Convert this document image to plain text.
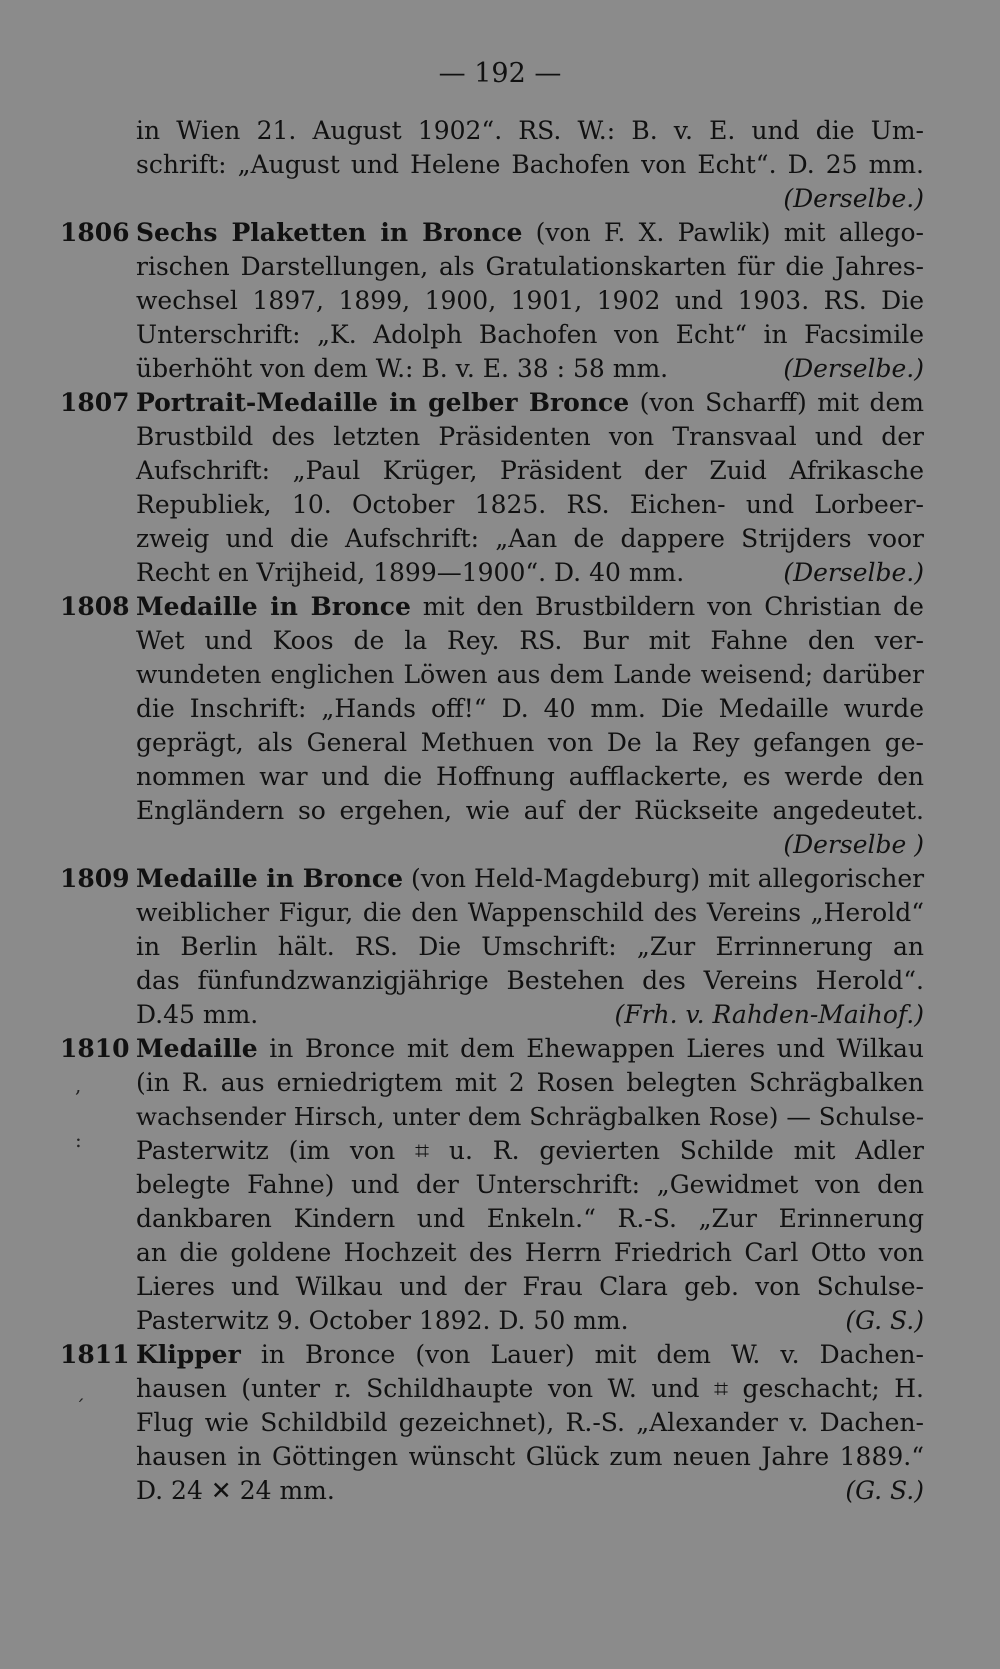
— 192 —
in Wien 21. August 1902“. RS. W.: B. v. E. und die Um-
schrift: „August und Helene Bachofen von Echt“. D. 25 mm.
(Derselbe.)
1806 Sechs Plaketten in Bronce (von F. X. Pawlik) mit allego-
rischen Darstellungen, als Gratulationskarten für die Jahres-
wechsel 1897, 1899, 1900, 1901, 1902 und 1903. RS. Die
Unterschrift: „K. Adolph Bachofen von Echt“ in Facsimile
überhöht von dem W.: B. v. E. 38 : 58 mm.	(Derselbe.)
1807 Portrait-Medaille in gelber Bronce (von Scharff) mit dem
Brustbild des letzten Präsidenten von Transvaal und der
Aufschrift: „Paul Krüger, Präsident der Zuid Afrikasche
Republiek, 10. October 1825. RS. Eichen- und Lorbeer-
zweig und die Aufschrift: „Aan de dappere Strijders voor
Recht en Vrijheid, 1899—1900“. D. 40 mm.	(Derselbe.)
1808 Medaille in Bronce mit den Brustbildern von Christian de
Wet und Koos de la Rey. RS. Bur mit Fahne den ver-
wundeten englichen Löwen aus dem Lande weisend; darüber
die Inschrift: „Hands off!“ D. 40 mm. Die Medaille wurde
geprägt, als General Methuen von De la Rey gefangen ge-
nommen war und die Hoffnung aufflackerte, es werde den
Engländern so ergehen, wie auf der Rückseite angedeutet.
(Derselbe )
1809 Medaille in Bronce (von Held-Magdeburg) mit allegorischer
weiblicher Figur, die den Wappenschild des Vereins „Herold“
in Berlin hält. RS. Die Umschrift: „Zur Errinnerung an
das fünfundzwanzigjährige Bestehen des Vereins Herold“.
D.45 mm.	(Frh. v. Rahden-Maihof.)
1810 Medaille in Bronce mit dem Ehewappen Lieres und Wilkau
(in R. aus erniedrigtem mit 2 Rosen belegten Schrägbalken
wachsender Hirsch, unter dem Schrägbalken Rose) — Schulse-
Pasterwitz (im von ⌗ u. R. gevierten Schilde mit Adler
belegte Fahne) und der Unterschrift: „Gewidmet von den
dankbaren Kindern und Enkeln.“ R.-S. „Zur Erinnerung
an die goldene Hochzeit des Herrn Friedrich Carl Otto von
Lieres und Wilkau und der Frau Clara geb. von Schulse-
Pasterwitz 9. October 1892. D. 50 mm.	(G. S.)
1811 Klipper in Bronce (von Lauer) mit dem W. v. Dachen-
hausen (unter r. Schildhaupte von W. und ⌗ geschacht; H.
Flug wie Schildbild gezeichnet), R.-S. „Alexander v. Dachen-
hausen in Göttingen wünscht Glück zum neuen Jahre 1889.“
D. 24 ✕ 24 mm.	(G. S.)
,
:
ˊ
